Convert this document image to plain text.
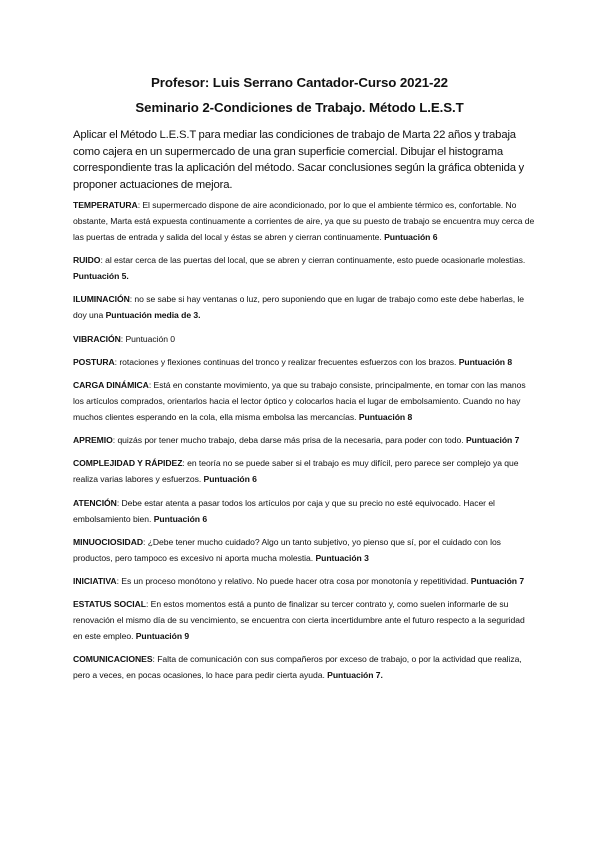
Profesor: Luis Serrano Cantador-Curso 2021-22

Seminario 2-Condiciones de Trabajo. Método L.E.S.T

Aplicar el Método L.E.S.T para mediar las condiciones de trabajo de Marta 22 años y trabaja como cajera en un supermercado de una gran superficie comercial. Dibujar el histograma correspondiente tras la aplicación del método. Sacar conclusiones según la gráfica obtenida y proponer actuaciones de mejora.

TEMPERATURA: El supermercado dispone de aire acondicionado, por lo que el ambiente térmico es, confortable. No obstante, Marta está expuesta continuamente a corrientes de aire, ya que su puesto de trabajo se encuentra muy cerca de las puertas de entrada y salida del local y éstas se abren y cierran continuamente. Puntuación 6

RUIDO: al estar cerca de las puertas del local, que se abren y cierran continuamente, esto puede ocasionarle molestias. Puntuación 5.

ILUMINACIÓN: no se sabe si hay ventanas o luz, pero suponiendo que en lugar de trabajo como este debe haberlas, le doy una Puntuación media de 3.

VIBRACIÓN: Puntuación 0

POSTURA: rotaciones y flexiones continuas del tronco y realizar frecuentes esfuerzos con los brazos. Puntuación 8

CARGA DINÁMICA: Está en constante movimiento, ya que su trabajo consiste, principalmente, en tomar con las manos los artículos comprados, orientarlos hacia el lector óptico y colocarlos hacia el lugar de embolsamiento. Cuando no hay muchos clientes esperando en la cola, ella misma embolsa las mercancías. Puntuación 8

APREMIO: quizás por tener mucho trabajo, deba darse más prisa de la necesaria, para poder con todo. Puntuación 7

COMPLEJIDAD Y RÁPIDEZ: en teoría no se puede saber si el trabajo es muy difícil, pero parece ser complejo ya que realiza varias labores y esfuerzos. Puntuación 6

ATENCIÓN: Debe estar atenta a pasar todos los artículos por caja y que su precio no esté equivocado. Hacer el embolsamiento bien. Puntuación 6

MINUOCIOSIDAD: ¿Debe tener mucho cuidado? Algo un tanto subjetivo, yo pienso que sí, por el cuidado con los productos, pero tampoco es excesivo ni aporta mucha molestia. Puntuación 3

INICIATIVA: Es un proceso monótono y relativo. No puede hacer otra cosa por monotonía y repetitividad. Puntuación 7

ESTATUS SOCIAL: En estos momentos está a punto de finalizar su tercer contrato y, como suelen informarle de su renovación el mismo día de su vencimiento, se encuentra con cierta incertidumbre ante el futuro respecto a la seguridad en este empleo. Puntuación 9

COMUNICACIONES: Falta de comunicación con sus compañeros por exceso de trabajo, o por la actividad que realiza, pero a veces, en pocas ocasiones, lo hace para pedir cierta ayuda. Puntuación 7.
